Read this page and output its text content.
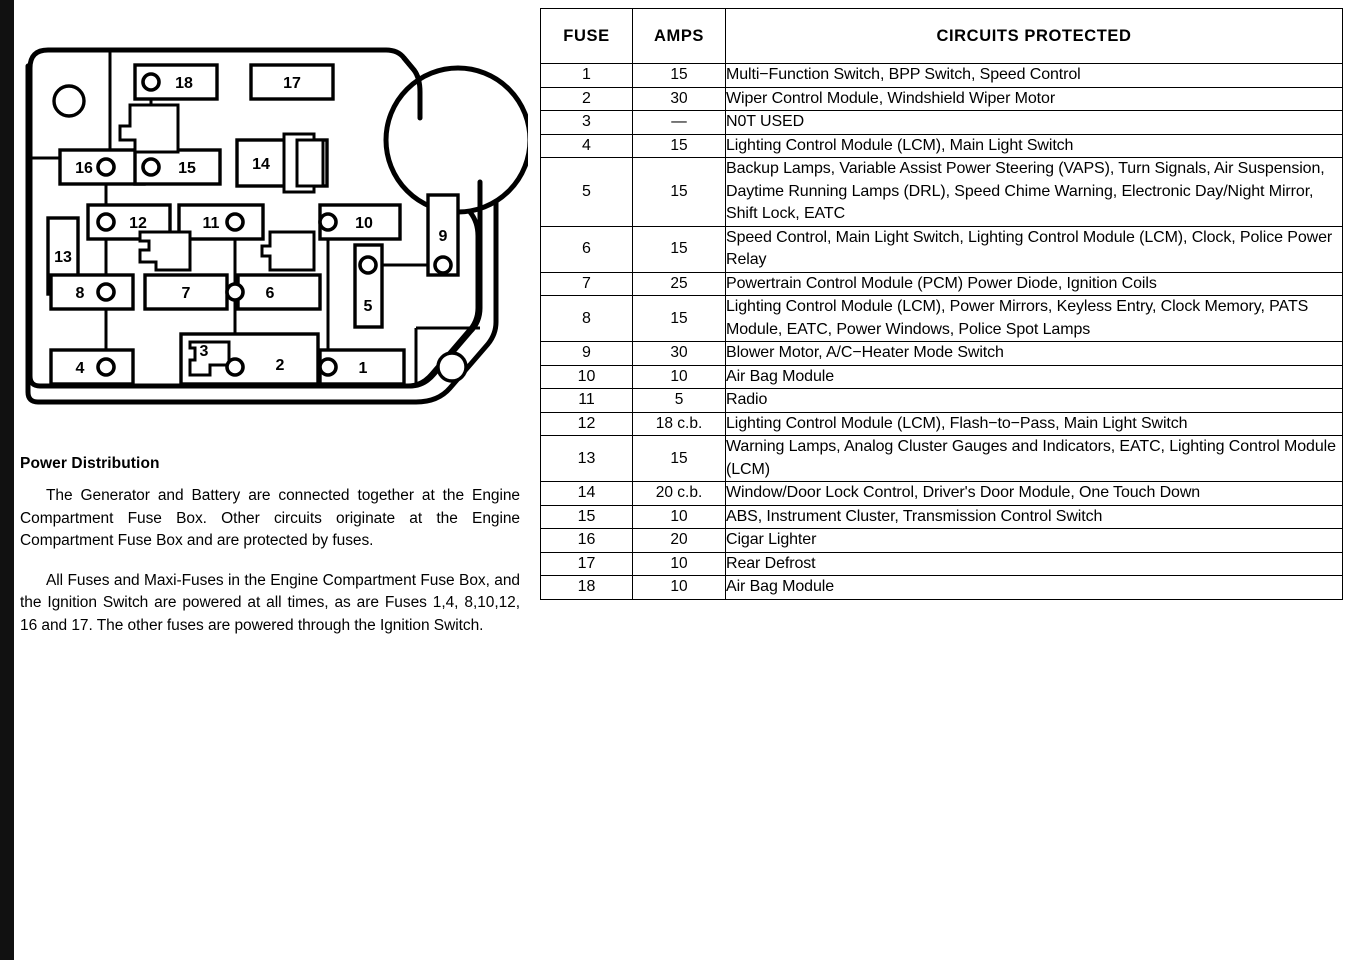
18	17
16	15	14
13
12	11	10
9
8	7	6
5
4
3
2	1
Power Distribution

The Generator and Battery are connected together at the Engine Compartment Fuse Box. Other circuits originate at the Engine Compartment Fuse Box and are protected by fuses.

All Fuses and Maxi-Fuses in the Engine Compartment Fuse Box, and the Ignition Switch are powered at all times, as are Fuses 1,4, 8,10,12, 16 and 17. The other fuses are powered through the Ignition Switch.

FUSE	AMPS	CIRCUITS PROTECTED
1	15	Multi−Function Switch, BPP Switch, Speed Control
2	30	Wiper Control Module, Windshield Wiper Motor
3	—	N0T USED
4	15	Lighting Control Module (LCM), Main Light Switch
5	15	Backup Lamps, Variable Assist Power Steering (VAPS), Turn Signals, Air Suspension, Daytime Running Lamps (DRL), Speed Chime Warning, Electronic Day/Night Mirror, Shift Lock, EATC
6	15	Speed Control, Main Light Switch, Lighting Control Module (LCM), Clock, Police Power Relay
7	25	Powertrain Control Module (PCM) Power Diode, Ignition Coils
8	15	Lighting Control Module (LCM), Power Mirrors, Keyless Entry, Clock Memory, PATS Module, EATC, Power Windows, Police Spot Lamps
9	30	Blower Motor, A/C−Heater Mode Switch
10	10	Air Bag Module
11	5	Radio
12	18 c.b.	Lighting Control Module (LCM), Flash−to−Pass, Main Light Switch
13	15	Warning Lamps, Analog Cluster Gauges and Indicators, EATC, Lighting Control Module (LCM)
14	20 c.b.	Window/Door Lock Control, Driver's Door Module, One Touch Down
15	10	ABS, Instrument Cluster, Transmission Control Switch
16	20	Cigar Lighter
17	10	Rear Defrost
18	10	Air Bag Module
